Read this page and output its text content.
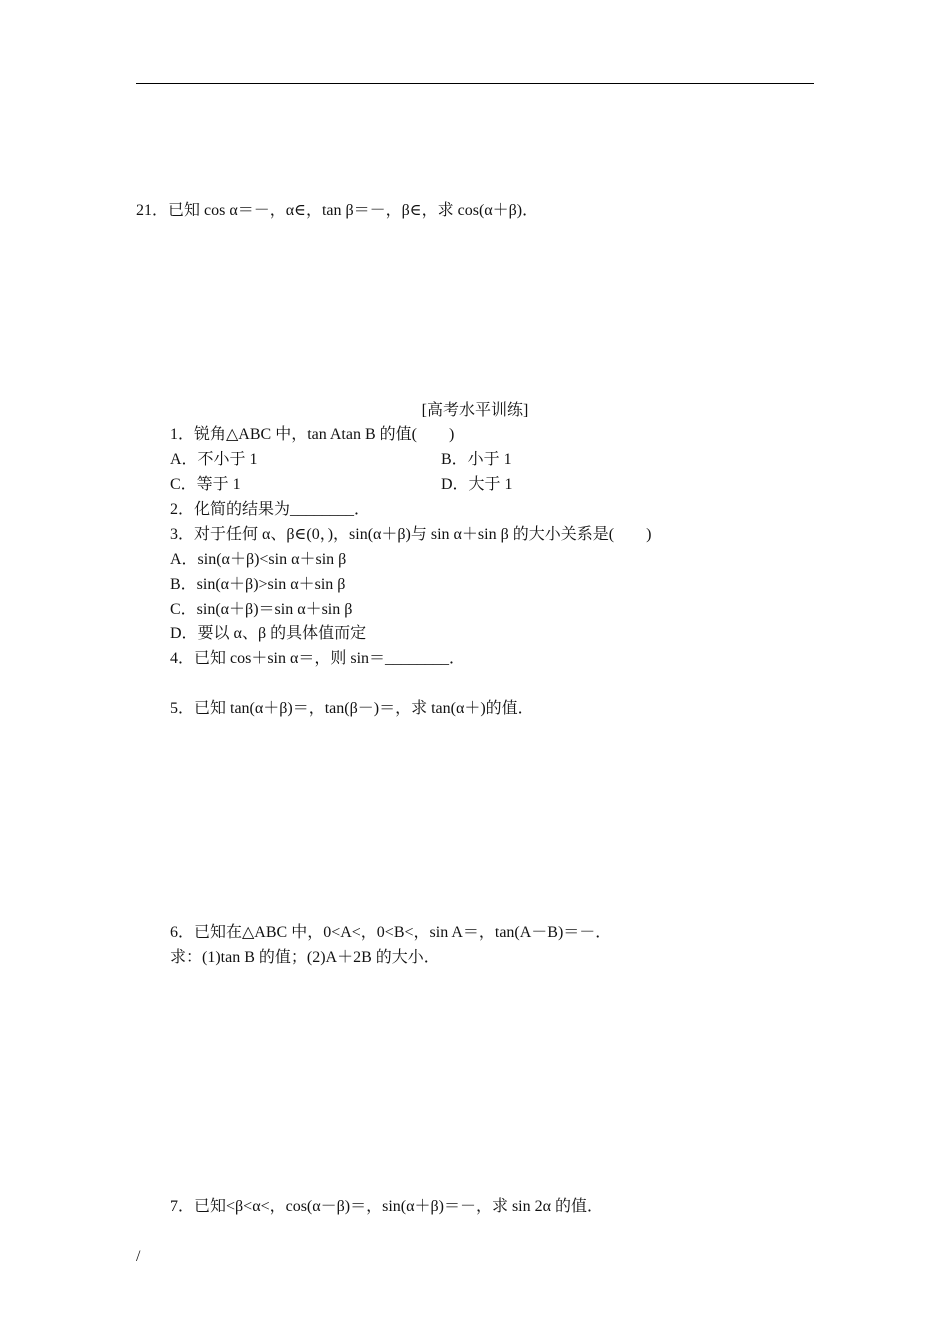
21．已知 cos α＝－，α∈，tan β＝－，β∈，求 cos(α＋β)．
[高考水平训练]
1．锐角△ABC 中，tan Atan B 的值(　　)
A．不小于 1	B．小于 1
C．等于 1	D．大于 1
2．化简的结果为________．
3．对于任何 α、β∈(0，)，sin(α＋β)与 sin α＋sin β 的大小关系是(　　)
A．sin(α＋β)<sin α＋sin β
B．sin(α＋β)>sin α＋sin β
C．sin(α＋β)＝sin α＋sin β
D．要以 α、β 的具体值而定
4．已知 cos＋sin α＝，则 sin＝________．
5．已知 tan(α＋β)＝，tan(β－)＝，求 tan(α＋)的值．
6．已知在△ABC 中，0<A<，0<B<，sin A＝，tan(A－B)＝－．
求：(1)tan B 的值；(2)A＋2B 的大小．
7．已知<β<α<，cos(α－β)＝，sin(α＋β)＝－，求 sin 2α 的值．
/
